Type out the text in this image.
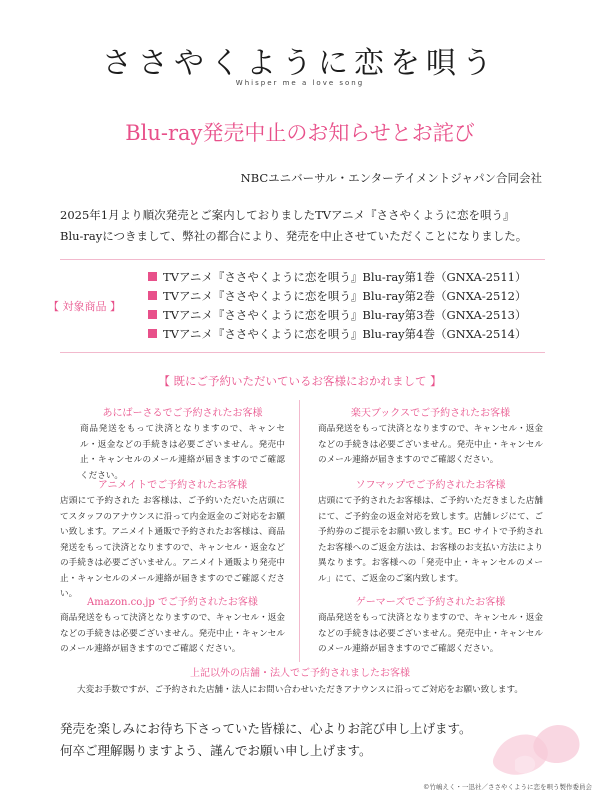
ささやくように恋を唄う
Whisper me a love song
Blu-ray発売中止のお知らせとお詫び
NBCユニバーサル・エンターテイメントジャパン合同会社
2025年1月より順次発売とご案内しておりましたTVアニメ『ささやくように恋を唄う』
Blu-rayにつきまして、弊社の都合により、発売を中止させていただくことになりました。
【 対象商品 】
TVアニメ『ささやくように恋を唄う』Blu-ray第1巻（GNXA-2511）
TVアニメ『ささやくように恋を唄う』Blu-ray第2巻（GNXA-2512）
TVアニメ『ささやくように恋を唄う』Blu-ray第3巻（GNXA-2513）
TVアニメ『ささやくように恋を唄う』Blu-ray第4巻（GNXA-2514）
【 既にご予約いただいているお客様におかれまして 】
あにばーさるでご予約されたお客様
商品発送をもって決済となりますので、キャンセル・返金などの手続きは必要ございません。発売中止・キャンセルのメール連絡が届きますのでご確認ください。
アニメイトでご予約されたお客様
店頭にて予約された お客様は、ご予約いただいた店頭にてスタッフのアナウンスに沿って内金返金のご対応をお願い致します。アニメイト通販で予約されたお客様は、商品発送をもって決済となりますので、キャンセル・返金などの手続きは必要ございません。アニメイト通販より発売中止・キャンセルのメール連絡が届きますのでご確認ください。
Amazon.co.jp でご予約されたお客様
商品発送をもって決済となりますので、キャンセル・返金などの手続きは必要ございません。発売中止・キャンセルのメール連絡が届きますのでご確認ください。
楽天ブックスでご予約されたお客様
商品発送をもって決済となりますので、キャンセル・返金などの手続きは必要ございません。発売中止・キャンセルのメール連絡が届きますのでご確認ください。
ソフマップでご予約されたお客様
店頭にて予約されたお客様は、ご予約いただきました店舗にて、ご予約金の返金対応を致します。店舗レジにて、ご予約券のご提示をお願い致します。EC サイトで予約されたお客様へのご返金方法は、お客様のお支払い方法により異なります。お客様への「発売中止・キャンセルのメール」にて、ご返金のご案内致します。
ゲーマーズでご予約されたお客様
商品発送をもって決済となりますので、キャンセル・返金などの手続きは必要ございません。発売中止・キャンセルのメール連絡が届きますのでご確認ください。
上記以外の店舗・法人でご予約されましたお客様
大変お手数ですが、ご予約された店舗・法人にお問い合わせいただきアナウンスに沿ってご対応をお願い致します。
発売を楽しみにお待ち下さっていた皆様に、心よりお詫び申し上げます。
何卒ご理解賜りますよう、謹んでお願い申し上げます。
©竹嶋えく・一迅社／ささやくように恋を唄う製作委員会
